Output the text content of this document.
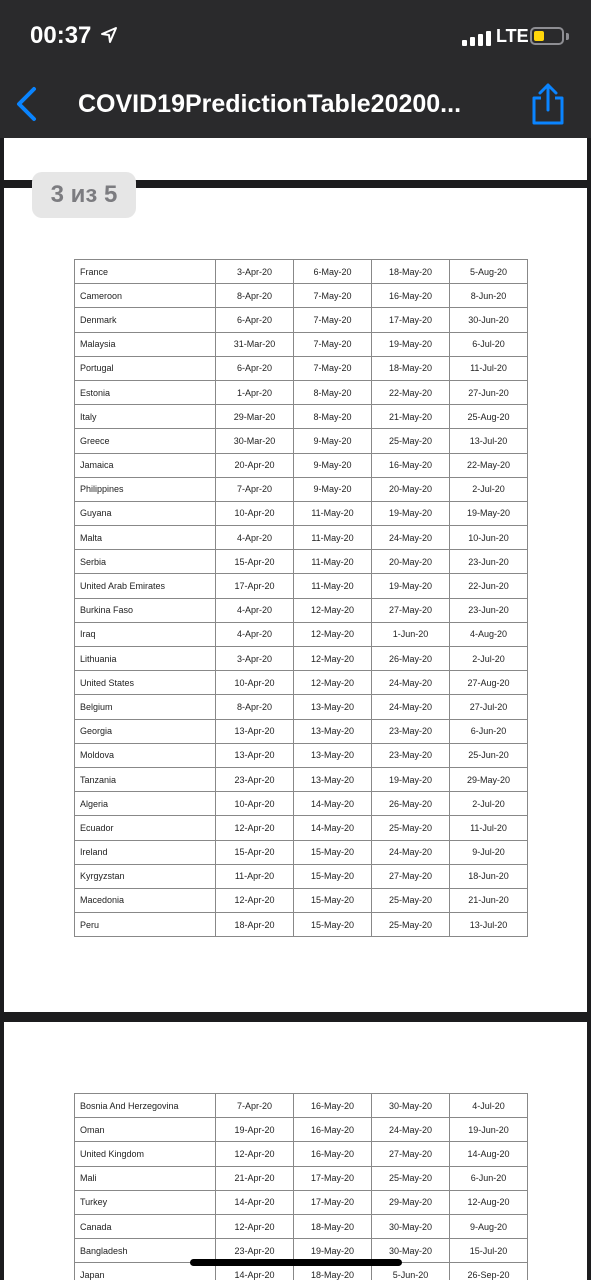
00:37	LTE
COVID19PredictionTable20200...
France	3-Apr-20	6-May-20	18-May-20	5-Aug-20
Cameroon	8-Apr-20	7-May-20	16-May-20	8-Jun-20
Denmark	6-Apr-20	7-May-20	17-May-20	30-Jun-20
Malaysia	31-Mar-20	7-May-20	19-May-20	6-Jul-20
Portugal	6-Apr-20	7-May-20	18-May-20	11-Jul-20
Estonia	1-Apr-20	8-May-20	22-May-20	27-Jun-20
Italy	29-Mar-20	8-May-20	21-May-20	25-Aug-20
Greece	30-Mar-20	9-May-20	25-May-20	13-Jul-20
Jamaica	20-Apr-20	9-May-20	16-May-20	22-May-20
Philippines	7-Apr-20	9-May-20	20-May-20	2-Jul-20
Guyana	10-Apr-20	11-May-20	19-May-20	19-May-20
Malta	4-Apr-20	11-May-20	24-May-20	10-Jun-20
Serbia	15-Apr-20	11-May-20	20-May-20	23-Jun-20
United Arab Emirates	17-Apr-20	11-May-20	19-May-20	22-Jun-20
Burkina Faso	4-Apr-20	12-May-20	27-May-20	23-Jun-20
Iraq	4-Apr-20	12-May-20	1-Jun-20	4-Aug-20
Lithuania	3-Apr-20	12-May-20	26-May-20	2-Jul-20
United States	10-Apr-20	12-May-20	24-May-20	27-Aug-20
Belgium	8-Apr-20	13-May-20	24-May-20	27-Jul-20
Georgia	13-Apr-20	13-May-20	23-May-20	6-Jun-20
Moldova	13-Apr-20	13-May-20	23-May-20	25-Jun-20
Tanzania	23-Apr-20	13-May-20	19-May-20	29-May-20
Algeria	10-Apr-20	14-May-20	26-May-20	2-Jul-20
Ecuador	12-Apr-20	14-May-20	25-May-20	11-Jul-20
Ireland	15-Apr-20	15-May-20	24-May-20	9-Jul-20
Kyrgyzstan	11-Apr-20	15-May-20	27-May-20	18-Jun-20
Macedonia	12-Apr-20	15-May-20	25-May-20	21-Jun-20
Peru	18-Apr-20	15-May-20	25-May-20	13-Jul-20
Bosnia And Herzegovina	7-Apr-20	16-May-20	30-May-20	4-Jul-20
Oman	19-Apr-20	16-May-20	24-May-20	19-Jun-20
United Kingdom	12-Apr-20	16-May-20	27-May-20	14-Aug-20
Mali	21-Apr-20	17-May-20	25-May-20	6-Jun-20
Turkey	14-Apr-20	17-May-20	29-May-20	12-Aug-20
Canada	12-Apr-20	18-May-20	30-May-20	9-Aug-20
Bangladesh	23-Apr-20	19-May-20	30-May-20	15-Jul-20
Japan	14-Apr-20	18-May-20	5-Jun-20	26-Sep-20
3 из 5
